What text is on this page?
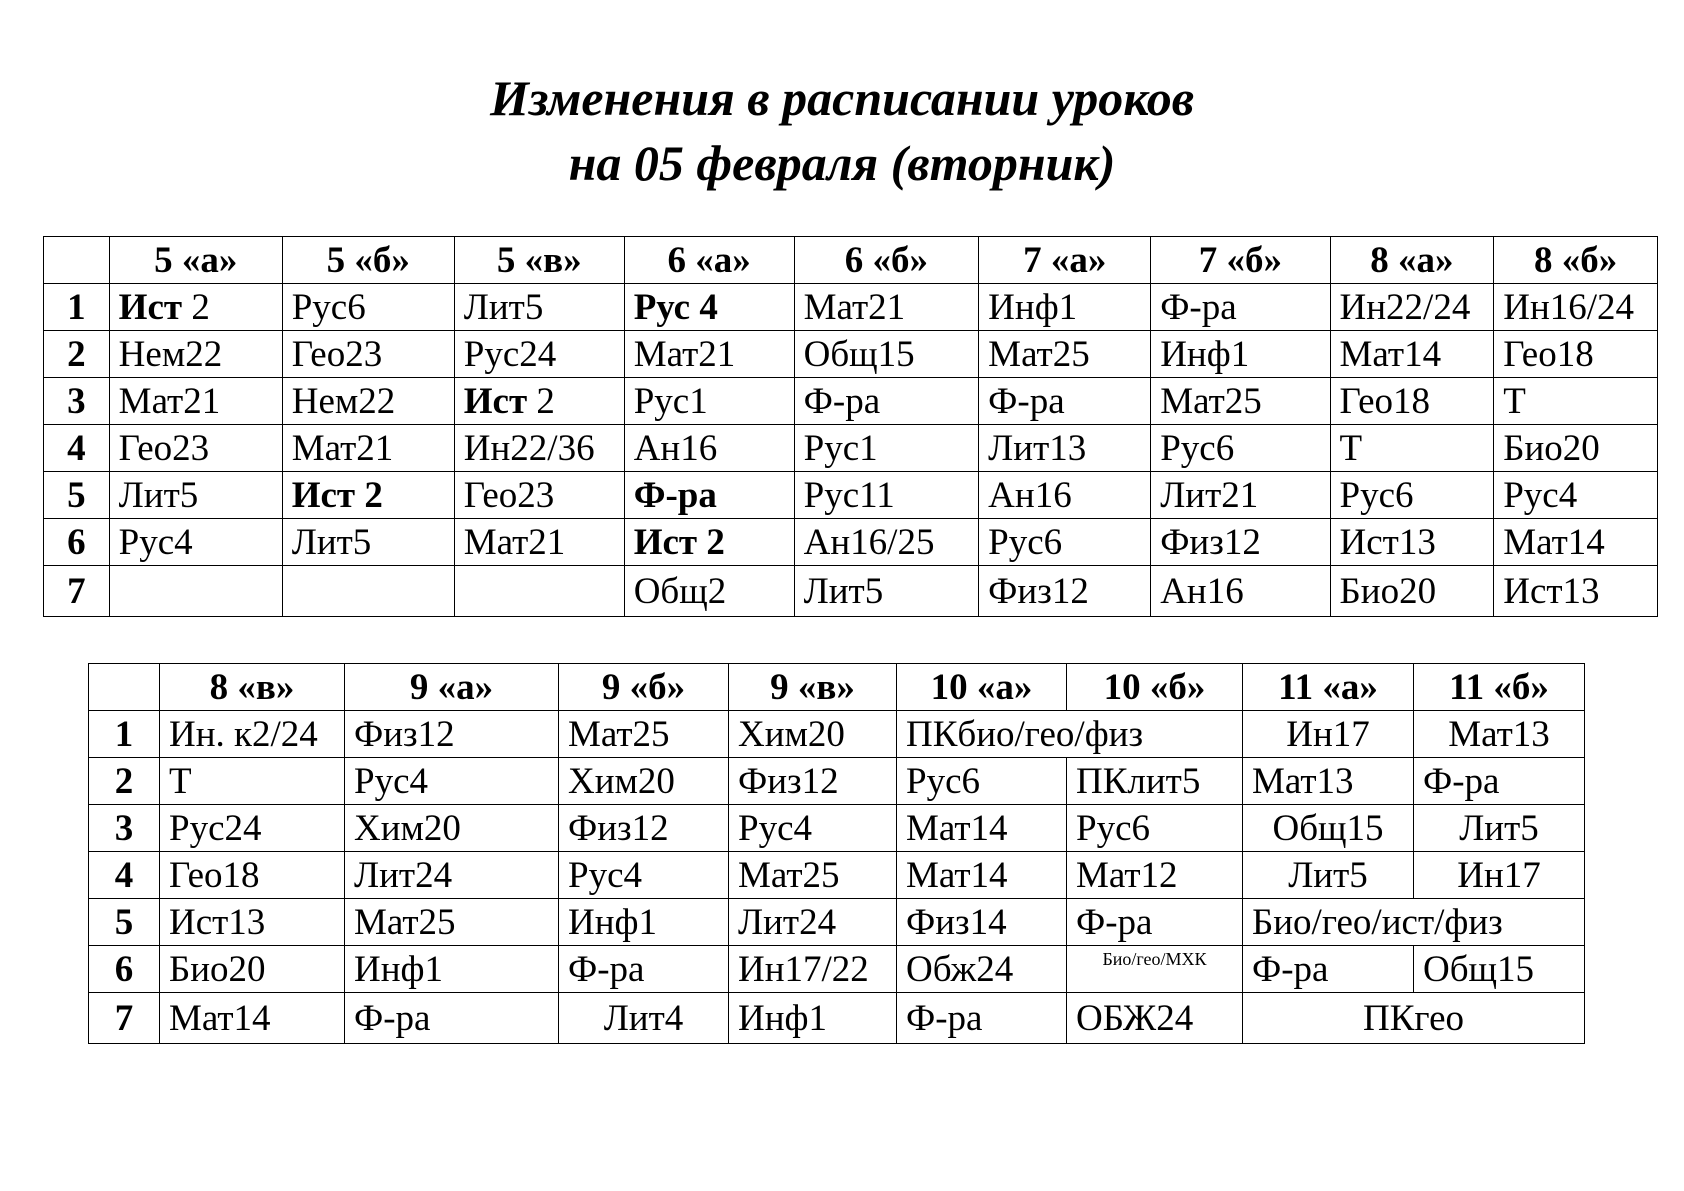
Изменения в расписании уроков
на 05 февраля (вторник)
	5 «а»	5 «б»	5 «в»	6 «а»	6 «б»	7 «а»	7 «б»	8 «а»	8 «б»
1	Ист 2	Рус6	Лит5	Рус 4	Мат21	Инф1	Ф-ра	Ин22/24	Ин16/24
2	Нем22	Гео23	Рус24	Мат21	Общ15	Мат25	Инф1	Мат14	Гео18
3	Мат21	Нем22	Ист 2	Рус1	Ф-ра	Ф-ра	Мат25	Гео18	Т
4	Гео23	Мат21	Ин22/36	Ан16	Рус1	Лит13	Рус6	Т	Био20
5	Лит5	Ист 2	Гео23	Ф-ра	Рус11	Ан16	Лит21	Рус6	Рус4
6	Рус4	Лит5	Мат21	Ист 2	Ан16/25	Рус6	Физ12	Ист13	Мат14
7				Общ2	Лит5	Физ12	Ан16	Био20	Ист13
	8 «в»	9 «а»	9 «б»	9 «в»	10 «а»	10 «б»	11 «а»	11 «б»
1	Ин. к2/24	Физ12	Мат25	Хим20	ПКбио/гео/физ		Ин17	Мат13
2	Т	Рус4	Хим20	Физ12	Рус6	ПКлит5	Мат13	Ф-ра
3	Рус24	Хим20	Физ12	Рус4	Мат14	Рус6	Общ15	Лит5
4	Гео18	Лит24	Рус4	Мат25	Мат14	Мат12	Лит5	Ин17
5	Ист13	Мат25	Инф1	Лит24	Физ14	Ф-ра	Био/гео/ист/физ	
6	Био20	Инф1	Ф-ра	Ин17/22	Обж24	Био/гео/МХК	Ф-ра	Общ15
7	Мат14	Ф-ра	Лит4	Инф1	Ф-ра	ОБЖ24	ПКгео	
